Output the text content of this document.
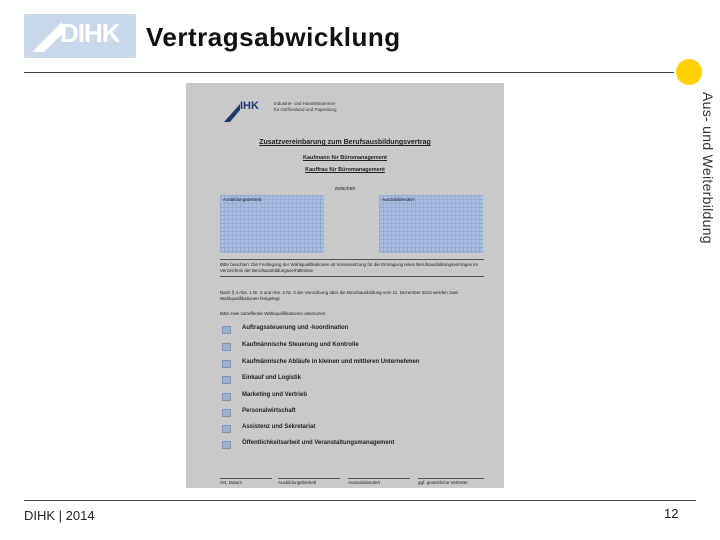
DIHK Vertragsabwicklung
Aus- und Weiterbildung
IHK	Industrie- und Handelskammer
für Ostfriesland und Papenburg
Zusatzvereinbarung zum Berufsausbildungsvertrag
Kaufmann für Büromanagement
Kauffrau für Büromanagement
zwischen
Ausbildungsbetrieb:	Auszubildende/r:
Bitte beachten: Die Festlegung der Wahlqualifikationen ist Voraussetzung für die Eintragung eines Berufsausbildungsvertrages im Verzeichnis der Berufsausbildungsverhältnisse
Nach § 4 Abs. 1 Nr. 2 und Abs. 2 Nr. 3 der Verordnung über die Berufsausbildung vom 11. Dezember 2013 werden zwei Wahlqualifikationen festgelegt
Bitte zwei zutreffende Wahlqualifikationen ankreuzen:
Auftragssteuerung und -koordination
Kaufmännische Steuerung und Kontrolle
Kaufmännische Abläufe in kleinen und mittleren Unternehmen
Einkauf und Logistik
Marketing und Vertrieb
Personalwirtschaft
Assistenz und Sekretariat
Öffentlichkeitsarbeit und Veranstaltungsmanagement
Ort, Datum	Ausbildungsbetrieb	Auszubildende/r	ggf. gesetzliche Vertreter
DIHK | 2014	12
